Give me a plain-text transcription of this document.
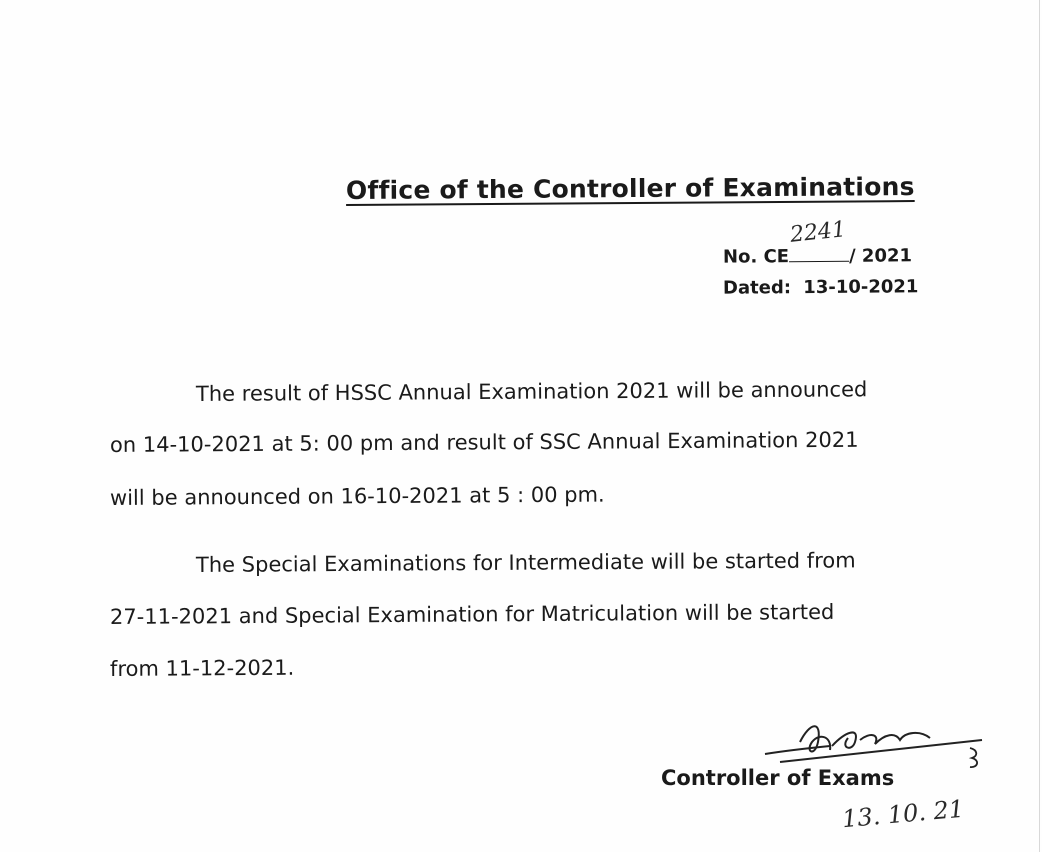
Office of the Controller of Examinations
2241
No. CE	/ 2021
Dated: 13-10-2021
The result of HSSC Annual Examination 2021 will be announced
on 14-10-2021 at 5: 00 pm and result of SSC Annual Examination 2021
will be announced on 16-10-2021 at 5 : 00 pm.
The Special Examinations for Intermediate will be started from
27-11-2021 and Special Examination for Matriculation will be started
from 11-12-2021.
Controller of Exams
13. 10. 21
